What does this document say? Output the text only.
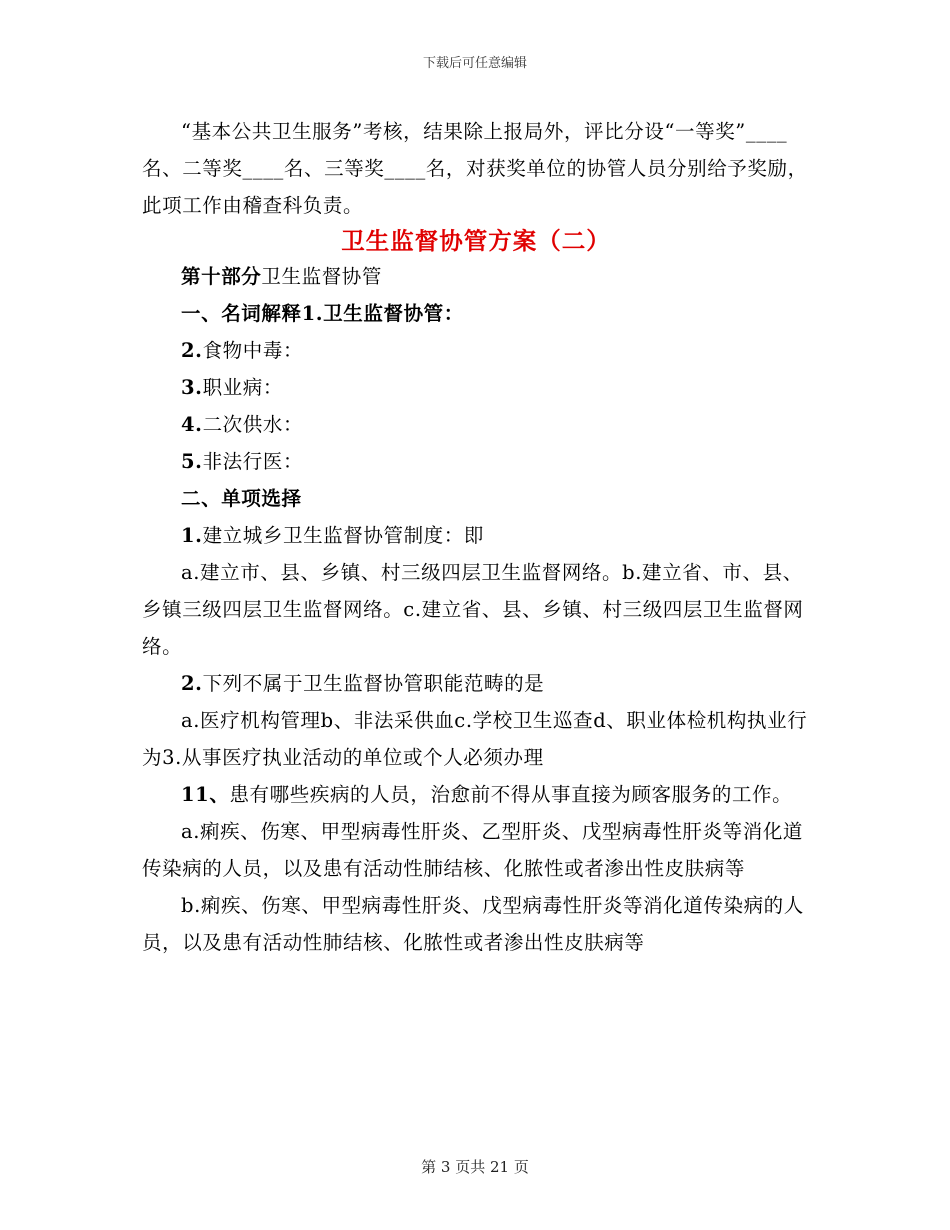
下载后可任意编辑

“基本公共卫生服务”考核，结果除上报局外，评比分设“一等奖”____名、二等奖____名、三等奖____名，对获奖单位的协管人员分别给予奖励，此项工作由稽查科负责。

卫生监督协管方案（二）

第十部分卫生监督协管

一、名词解释1.卫生监督协管：

2.食物中毒：

3.职业病：

4.二次供水：

5.非法行医：

二、单项选择

1.建立城乡卫生监督协管制度：即

a.建立市、县、乡镇、村三级四层卫生监督网络。b.建立省、市、县、乡镇三级四层卫生监督网络。c.建立省、县、乡镇、村三级四层卫生监督网络。

2.下列不属于卫生监督协管职能范畴的是

a.医疗机构管理b、非法采供血c.学校卫生巡查d、职业体检机构执业行为3.从事医疗执业活动的单位或个人必须办理

11、患有哪些疾病的人员，治愈前不得从事直接为顾客服务的工作。

a.痢疾、伤寒、甲型病毒性肝炎、乙型肝炎、戊型病毒性肝炎等消化道传染病的人员，以及患有活动性肺结核、化脓性或者渗出性皮肤病等

b.痢疾、伤寒、甲型病毒性肝炎、戊型病毒性肝炎等消化道传染病的人员，以及患有活动性肺结核、化脓性或者渗出性皮肤病等

第 3 页共 21 页
